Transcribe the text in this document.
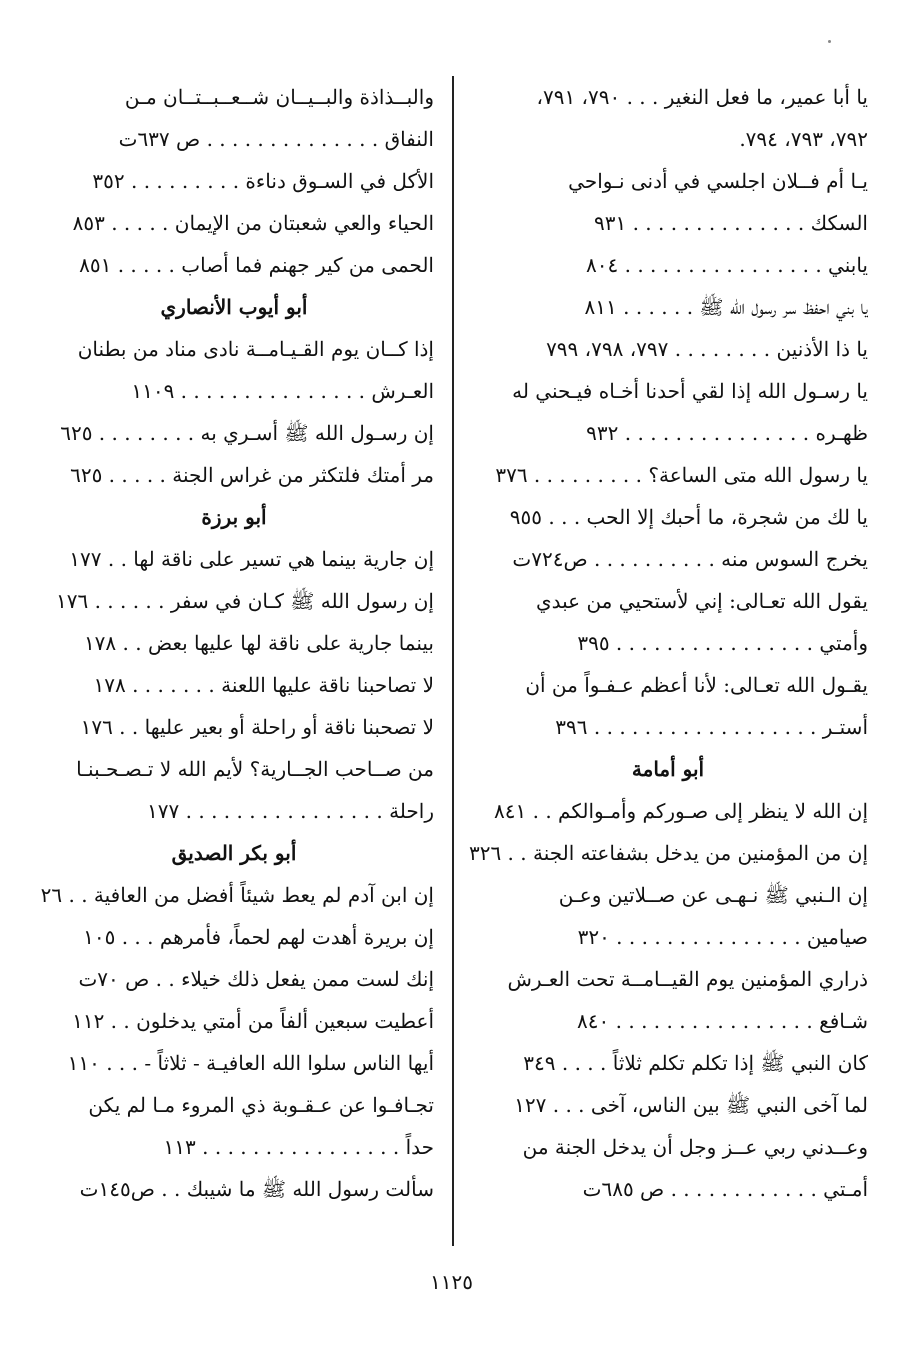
يا أبا عمير، ما فعل النغير . . . ٧٩٠، ٧٩١،
٧٩٢، ٧٩٣، ٧٩٤.
يـا أم فــلان اجلسي في أدنى نـواحي
السكك . . . . . . . . . . . . . . ٩٣١
يابني . . . . . . . . . . . . . . . . ٨٠٤
يا بني احفظ سر رسول الله ﷺ . . . . . . ٨١١
يا ذا الأذنين . . . . . . . . ٧٩٧، ٧٩٨، ٧٩٩
يا رسـول الله إذا لقي أحدنا أخـاه فيـحني له
ظهـره . . . . . . . . . . . . . . . ٩٣٢
يا رسول الله متى الساعة؟ . . . . . . . . . ٣٧٦
يا لك من شجرة، ما أحبك إلا الحب . . . ٩٥٥
يخرج السوس منه . . . . . . . . . . ص٧٢٤ت
يقول الله تعـالى: إني لأستحيي من عبدي
وأمتي . . . . . . . . . . . . . . . . ٣٩٥
يقـول الله تعـالى: لأنا أعظم عـفـواً من أن
أستـر . . . . . . . . . . . . . . . . . . ٣٩٦
أبو أمامة
إن الله لا ينظر إلى صـوركم وأمـوالكم . . ٨٤١
إن من المؤمنين من يدخل بشفاعته الجنة . . ٣٢٦
إن الـنبي ﷺ نـهـى عن صــلاتين وعـن
صيامين . . . . . . . . . . . . . . . ٣٢٠
ذراري المؤمنين يوم القيــامــة تحت العـرش
شـافع . . . . . . . . . . . . . . . . ٨٤٠
كان النبي ﷺ إذا تكلم تكلم ثلاثاً . . . . ٣٤٩
لما آخى النبي ﷺ بين الناس، آخى . . . ١٢٧
وعــدني ربي عــز وجل أن يدخل الجنة من
أمـتي . . . . . . . . . . . . ص ٦٨٥ت
والبــذاذة والبــيــان شــعــبــتــان مـن
النفاق . . . . . . . . . . . . . . ص ٦٣٧ت
الأكل في السـوق دناءة . . . . . . . . . ٣٥٢
الحياء والعي شعبتان من الإيمان . . . . . ٨٥٣
الحمى من كير جهنم فما أصاب . . . . . ٨٥١
أبو أيوب الأنصاري
إذا كــان يوم القـيـامــة نادى مناد من بطنان
العـرش . . . . . . . . . . . . . . . ١١٠٩
إن رسـول الله ﷺ أسـري به . . . . . . . . ٦٢٥
مر أمتك فلتكثر من غراس الجنة . . . . . ٦٢٥
أبو برزة
إن جارية بينما هي تسير على ناقة لها . . ١٧٧
إن رسول الله ﷺ كـان في سفر . . . . . . ١٧٦
بينما جارية على ناقة لها عليها بعض . . ١٧٨
لا تصاحبنا ناقة عليها اللعنة . . . . . . . ١٧٨
لا تصحبنا ناقة أو راحلة أو بعير عليها . . ١٧٦
من صــاحب الجــارية؟ لأيم الله لا تـصـحـبنـا
راحلة . . . . . . . . . . . . . . . . ١٧٧
أبو بكر الصديق
إن ابن آدم لم يعط شيئاً أفضل من العافية . . ٢٦
إن بريرة أهدت لهم لحماً، فأمرهم . . . ١٠٥
إنك لست ممن يفعل ذلك خيلاء . . ص ٧٠ت
أعطيت سبعين ألفاً من أمتي يدخلون . . ١١٢
أيها الناس سلوا الله العافيـة - ثلاثاً - . . . ١١٠
تجـافـوا عن عـقـوبة ذي المروء مـا لم يكن
حداً . . . . . . . . . . . . . . . . ١١٣
سألت رسول الله ﷺ ما شيبك . . ص١٤٥ت
١١٢٥
